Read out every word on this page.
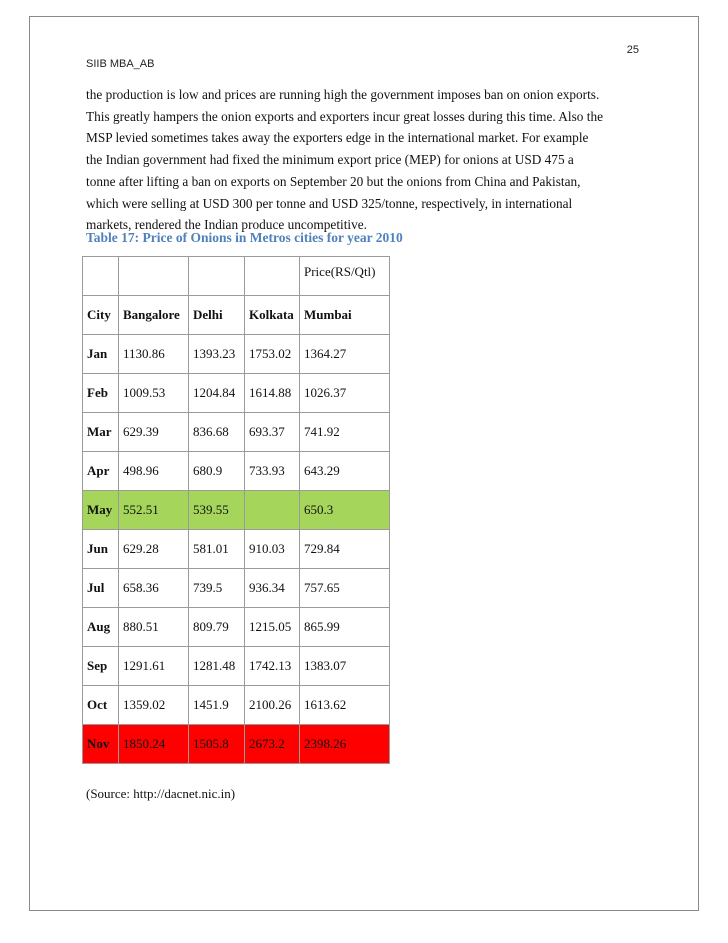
25
SIIB MBA_AB
the production is low and prices are running high the government imposes ban on onion exports.
This greatly hampers the onion exports and exporters incur great losses during this time. Also the
MSP levied sometimes takes away the exporters edge in the international market. For example
the Indian government had fixed the minimum export price (MEP) for onions at USD 475 a
tonne after lifting a ban on exports on September 20 but the onions from China and Pakistan,
which were selling at USD 300 per tonne and USD 325/tonne, respectively, in international
markets, rendered the Indian produce uncompetitive.
Table 17: Price of Onions in Metros cities for year 2010
				Price(RS/Qtl)
City	Bangalore	Delhi	Kolkata	Mumbai
Jan	1130.86	1393.23	1753.02	1364.27
Feb	1009.53	1204.84	1614.88	1026.37
Mar	629.39	836.68	693.37	741.92
Apr	498.96	680.9	733.93	643.29
May	552.51	539.55		650.3
Jun	629.28	581.01	910.03	729.84
Jul	658.36	739.5	936.34	757.65
Aug	880.51	809.79	1215.05	865.99
Sep	1291.61	1281.48	1742.13	1383.07
Oct	1359.02	1451.9	2100.26	1613.62
Nov	1850.24	1505.8	2673.2	2398.26
(Source: http://dacnet.nic.in)
